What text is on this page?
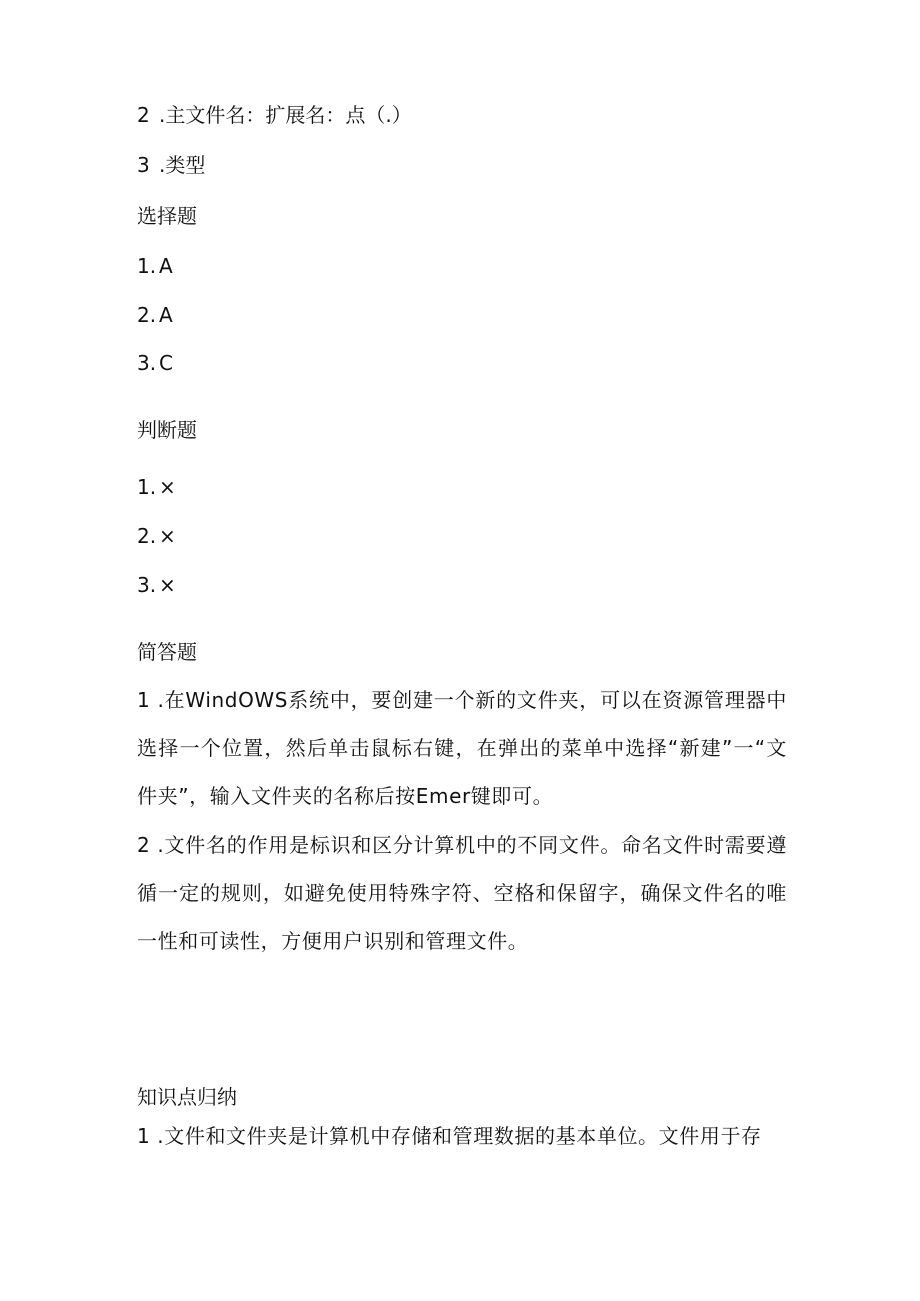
2 .主文件名：扩展名：点（.）
3 .类型
选择题
1. A
2. A
3. C
判断题
1. ×
2. ×
3. ×
简答题
1 .在WindOWS系统中，要创建一个新的文件夹，可以在资源管理器中选择一个位置，然后单击鼠标右键，在弹出的菜单中选择“新建”一“文件夹”，输入文件夹的名称后按Emer键即可。
2 .文件名的作用是标识和区分计算机中的不同文件。命名文件时需要遵循一定的规则，如避免使用特殊字符、空格和保留字，确保文件名的唯一性和可读性，方便用户识别和管理文件。
知识点归纳
1 .文件和文件夹是计算机中存储和管理数据的基本单位。文件用于存
